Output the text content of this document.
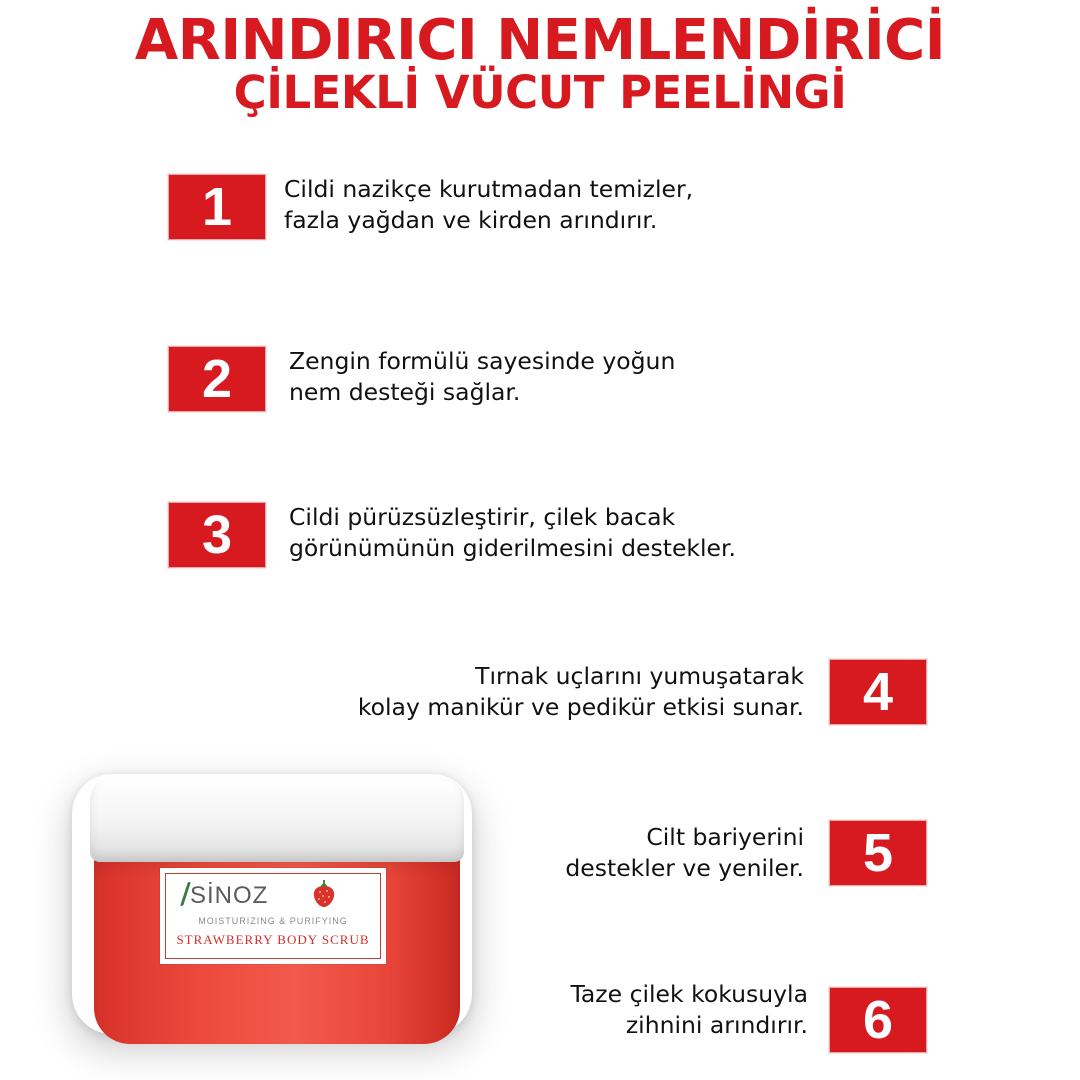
ARINDIRICI NEMLENDİRİCİ
ÇİLEKLİ VÜCUT PEELİNGİ
1	Cildi nazikçe kurutmadan temizler,
fazla yağdan ve kirden arındırır.
2	Zengin formülü sayesinde yoğun
nem desteği sağlar.
3	Cildi pürüzsüzleştirir, çilek bacak
görünümünün giderilmesini destekler.
Tırnak uçlarını yumuşatarak
kolay manikür ve pedikür etkisi sunar.	4
Cilt bariyerini
destekler ve yeniler.	5
Taze çilek kokusuyla
zihnini arındırır.	6
SİNOZ
MOISTURIZING & PURIFYING
STRAWBERRY BODY SCRUB
